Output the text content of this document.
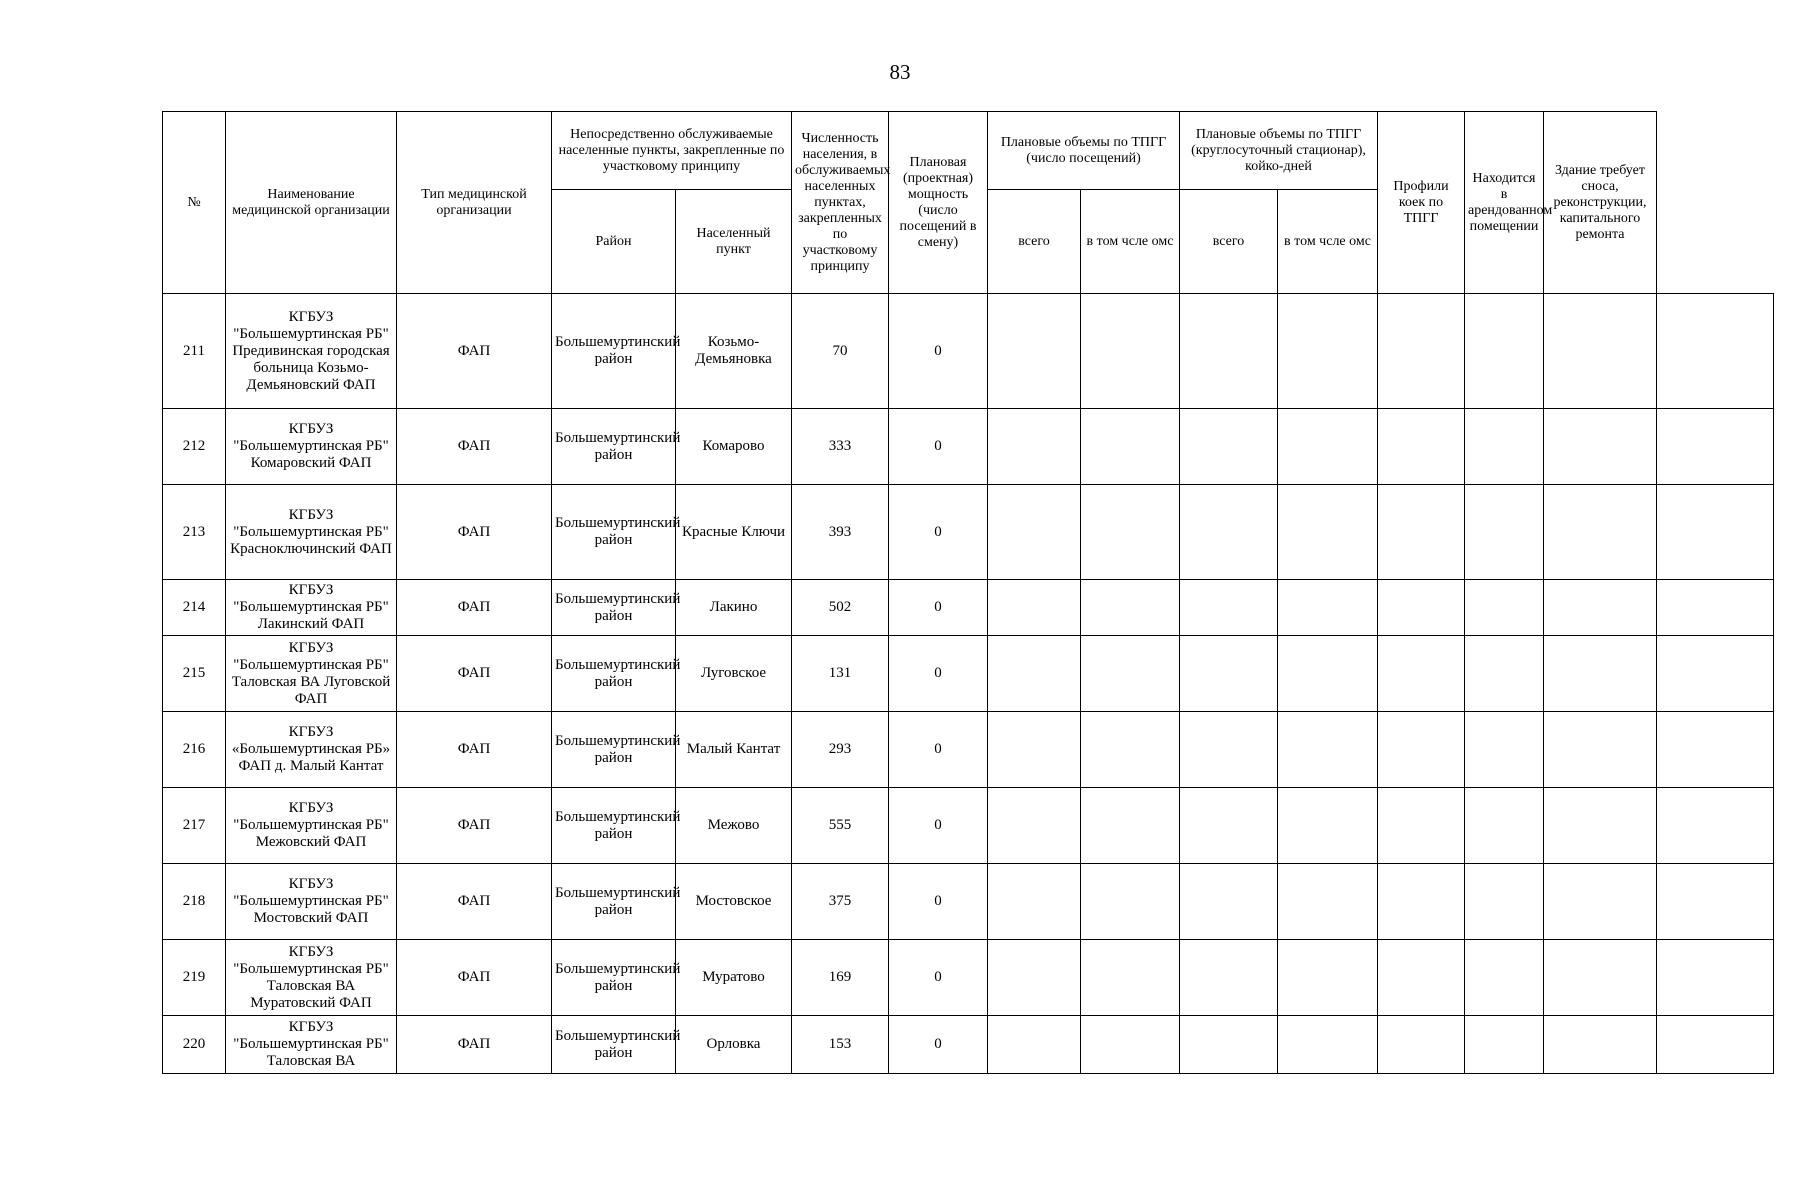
83
№	Наименование медицинской организации	Тип медицинской организации	Непосредственно обслуживаемые населенные пункты, закрепленные по участковому принципу		Численность населения, в обслуживаемых населенных пунктах, закрепленных по участковому принципу	Плановая (проектная) мощность (число посещений в смену)	Плановые объемы по ТПГГ (число посещений)		Плановые объемы по ТПГГ (круглосуточный стационар), койко-дней		Профили коек по ТПГГ	Находится в арендованном помещении	Здание требует сноса, реконструкции, капитального ремонта	
			Район	Населенный пункт			всего	в том чсле омс	всего	в том чсле омс				
211	КГБУЗ "Большемуртинская РБ" Предивинская городская больница Козьмо-Демьяновский ФАП	ФАП	Большемуртинский район	Козьмо-Демьяновка	70	0								
212	КГБУЗ "Большемуртинская РБ" Комаровский ФАП	ФАП	Большемуртинский район	Комарово	333	0								
213	КГБУЗ "Большемуртинская РБ" Красноключинский ФАП	ФАП	Большемуртинский район	Красные Ключи	393	0								
214	КГБУЗ "Большемуртинская РБ" Лакинский ФАП	ФАП	Большемуртинский район	Лакино	502	0								
215	КГБУЗ "Большемуртинская РБ" Таловская ВА Луговской ФАП	ФАП	Большемуртинский район	Луговское	131	0								
216	КГБУЗ «Большемуртинская РБ» ФАП д. Малый Кантат	ФАП	Большемуртинский район	Малый Кантат	293	0								
217	КГБУЗ "Большемуртинская РБ" Межовский ФАП	ФАП	Большемуртинский район	Межово	555	0								
218	КГБУЗ "Большемуртинская РБ" Мостовский ФАП	ФАП	Большемуртинский район	Мостовское	375	0								
219	КГБУЗ "Большемуртинская РБ" Таловская ВА Муратовский ФАП	ФАП	Большемуртинский район	Муратово	169	0								
220	КГБУЗ "Большемуртинская РБ" Таловская ВА	ФАП	Большемуртинский район	Орловка	153	0								
